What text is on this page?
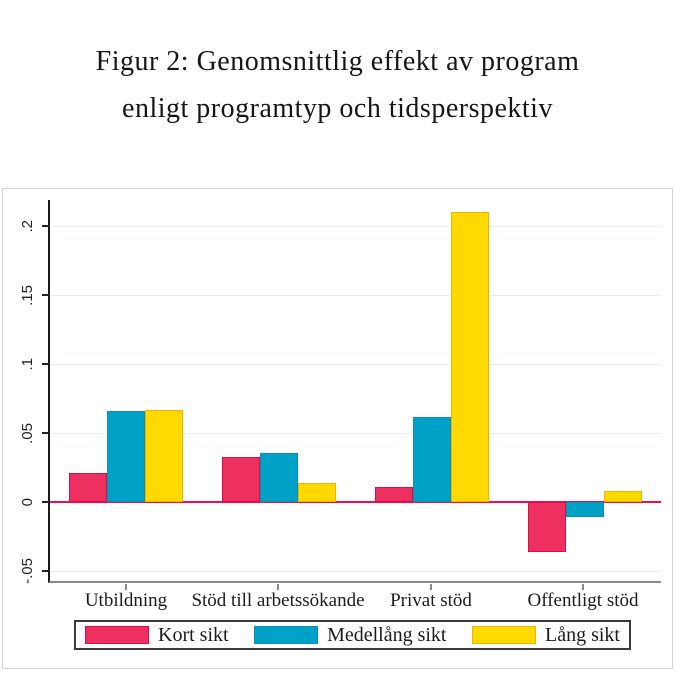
Figur 2: Genomsnittlig effekt av program
enligt programtyp och tidsperspektiv
.2
.15
.1
.05
0
-.05
Utbildning	Stöd till arbetssökande	Privat stöd	Offentligt stöd
Kort sikt	Medellång sikt	Lång sikt
